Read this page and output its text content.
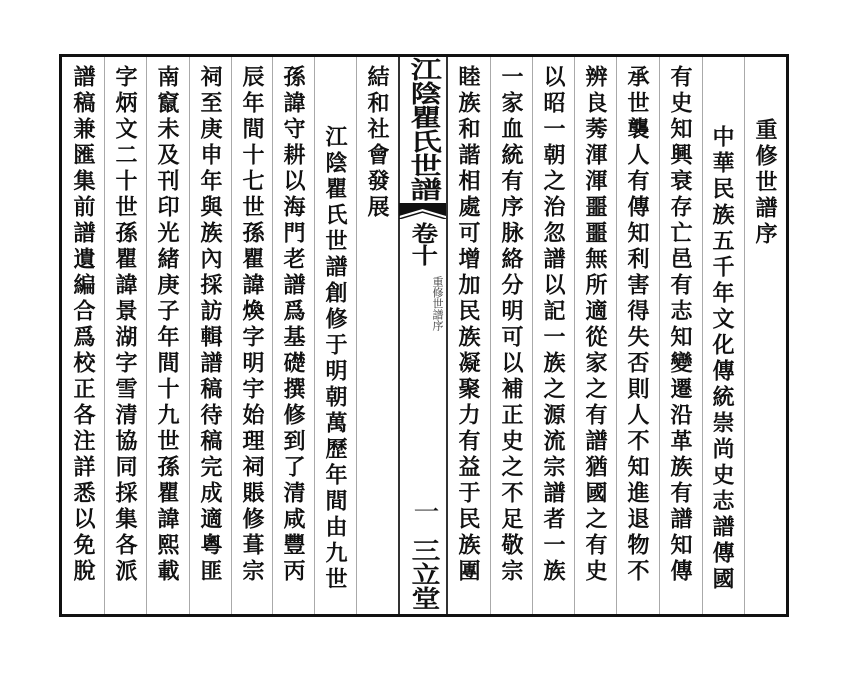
重修世譜序
中華民族五千年文化傳統崇尚史志譜傳國
有史知興衰存亡邑有志知變遷沿革族有譜知傳
承世襲人有傳知利害得失否則人不知進退物不
辨良莠渾渾噩噩無所適從家之有譜猶國之有史
以昭一朝之治忽譜以記一族之源流宗譜者一族
一家血統有序脉絡分明可以補正史之不足敬宗
睦族和諧相處可增加民族凝聚力有益于民族團
江陰瞿氏世譜
卷十
重修世譜序
一
三立堂
結和社會發展
江陰瞿氏世譜創修于明朝萬歷年間由九世
孫諱守耕以海門老譜爲基礎撰修到了清咸豐丙
辰年間十七世孫瞿諱煥字明宇始理祠賬修葺宗
祠至庚申年與族內採訪輯譜稿待稿完成適粵匪
南竄未及刊印光緒庚子年間十九世孫瞿諱熙載
字炳文二十世孫瞿諱景湖字雪清協同採集各派
譜稿兼匯集前譜遺編合爲校正各注詳悉以免脫
